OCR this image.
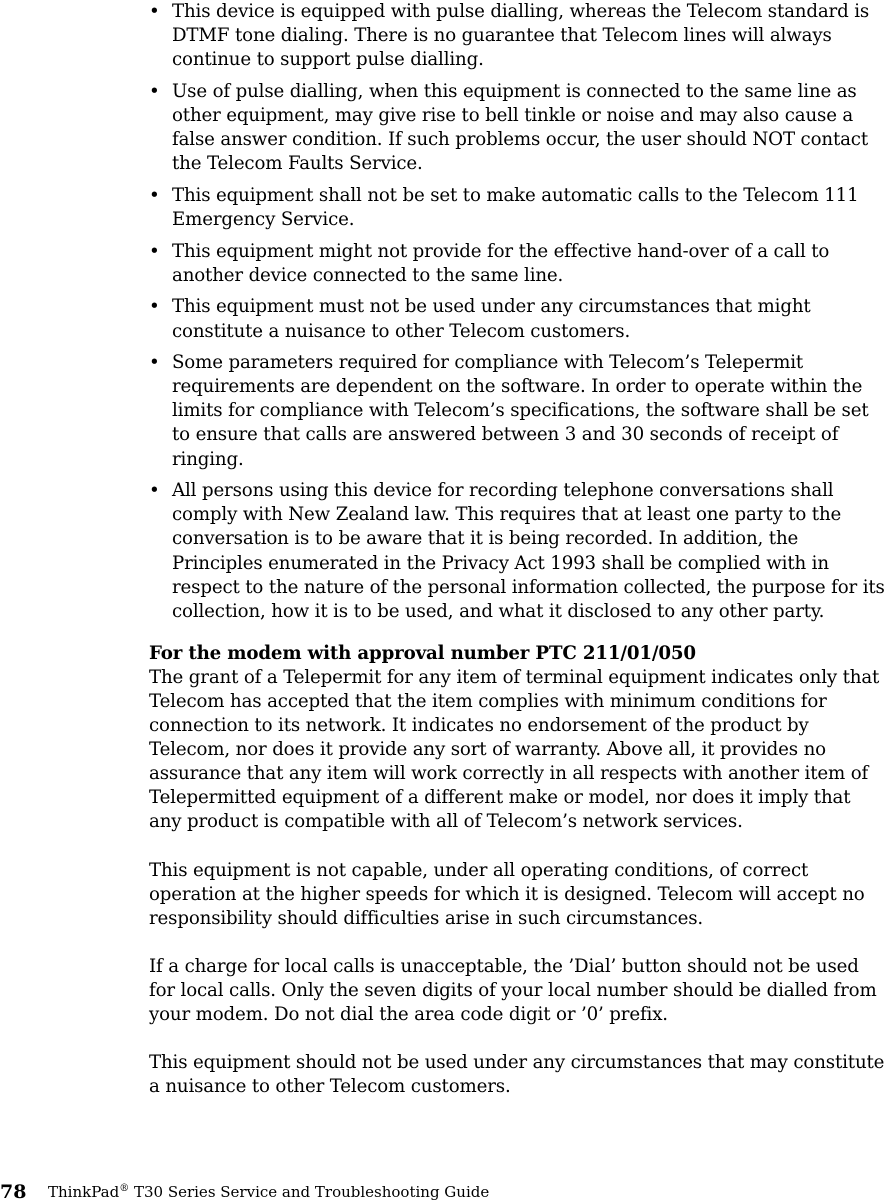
• This device is equipped with pulse dialling, whereas the Telecom standard is DTMF tone dialing. There is no guarantee that Telecom lines will always continue to support pulse dialling.
• Use of pulse dialling, when this equipment is connected to the same line as other equipment, may give rise to bell tinkle or noise and may also cause a false answer condition. If such problems occur, the user should NOT contact the Telecom Faults Service.
• This equipment shall not be set to make automatic calls to the Telecom 111 Emergency Service.
• This equipment might not provide for the effective hand-over of a call to another device connected to the same line.
• This equipment must not be used under any circumstances that might constitute a nuisance to other Telecom customers.
• Some parameters required for compliance with Telecom’s Telepermit requirements are dependent on the software. In order to operate within the limits for compliance with Telecom’s specifications, the software shall be set to ensure that calls are answered between 3 and 30 seconds of receipt of ringing.
• All persons using this device for recording telephone conversations shall comply with New Zealand law. This requires that at least one party to the conversation is to be aware that it is being recorded. In addition, the Principles enumerated in the Privacy Act 1993 shall be complied with in respect to the nature of the personal information collected, the purpose for its collection, how it is to be used, and what it disclosed to any other party.
For the modem with approval number PTC 211/01/050

The grant of a Telepermit for any item of terminal equipment indicates only that Telecom has accepted that the item complies with minimum conditions for connection to its network. It indicates no endorsement of the product by Telecom, nor does it provide any sort of warranty. Above all, it provides no assurance that any item will work correctly in all respects with another item of Telepermitted equipment of a different make or model, nor does it imply that any product is compatible with all of Telecom’s network services.

This equipment is not capable, under all operating conditions, of correct operation at the higher speeds for which it is designed. Telecom will accept no responsibility should difficulties arise in such circumstances.

If a charge for local calls is unacceptable, the ’Dial’ button should not be used for local calls. Only the seven digits of your local number should be dialled from your modem. Do not dial the area code digit or ’0’ prefix.

This equipment should not be used under any circumstances that may constitute a nuisance to other Telecom customers.

78 ThinkPad® T30 Series Service and Troubleshooting Guide
